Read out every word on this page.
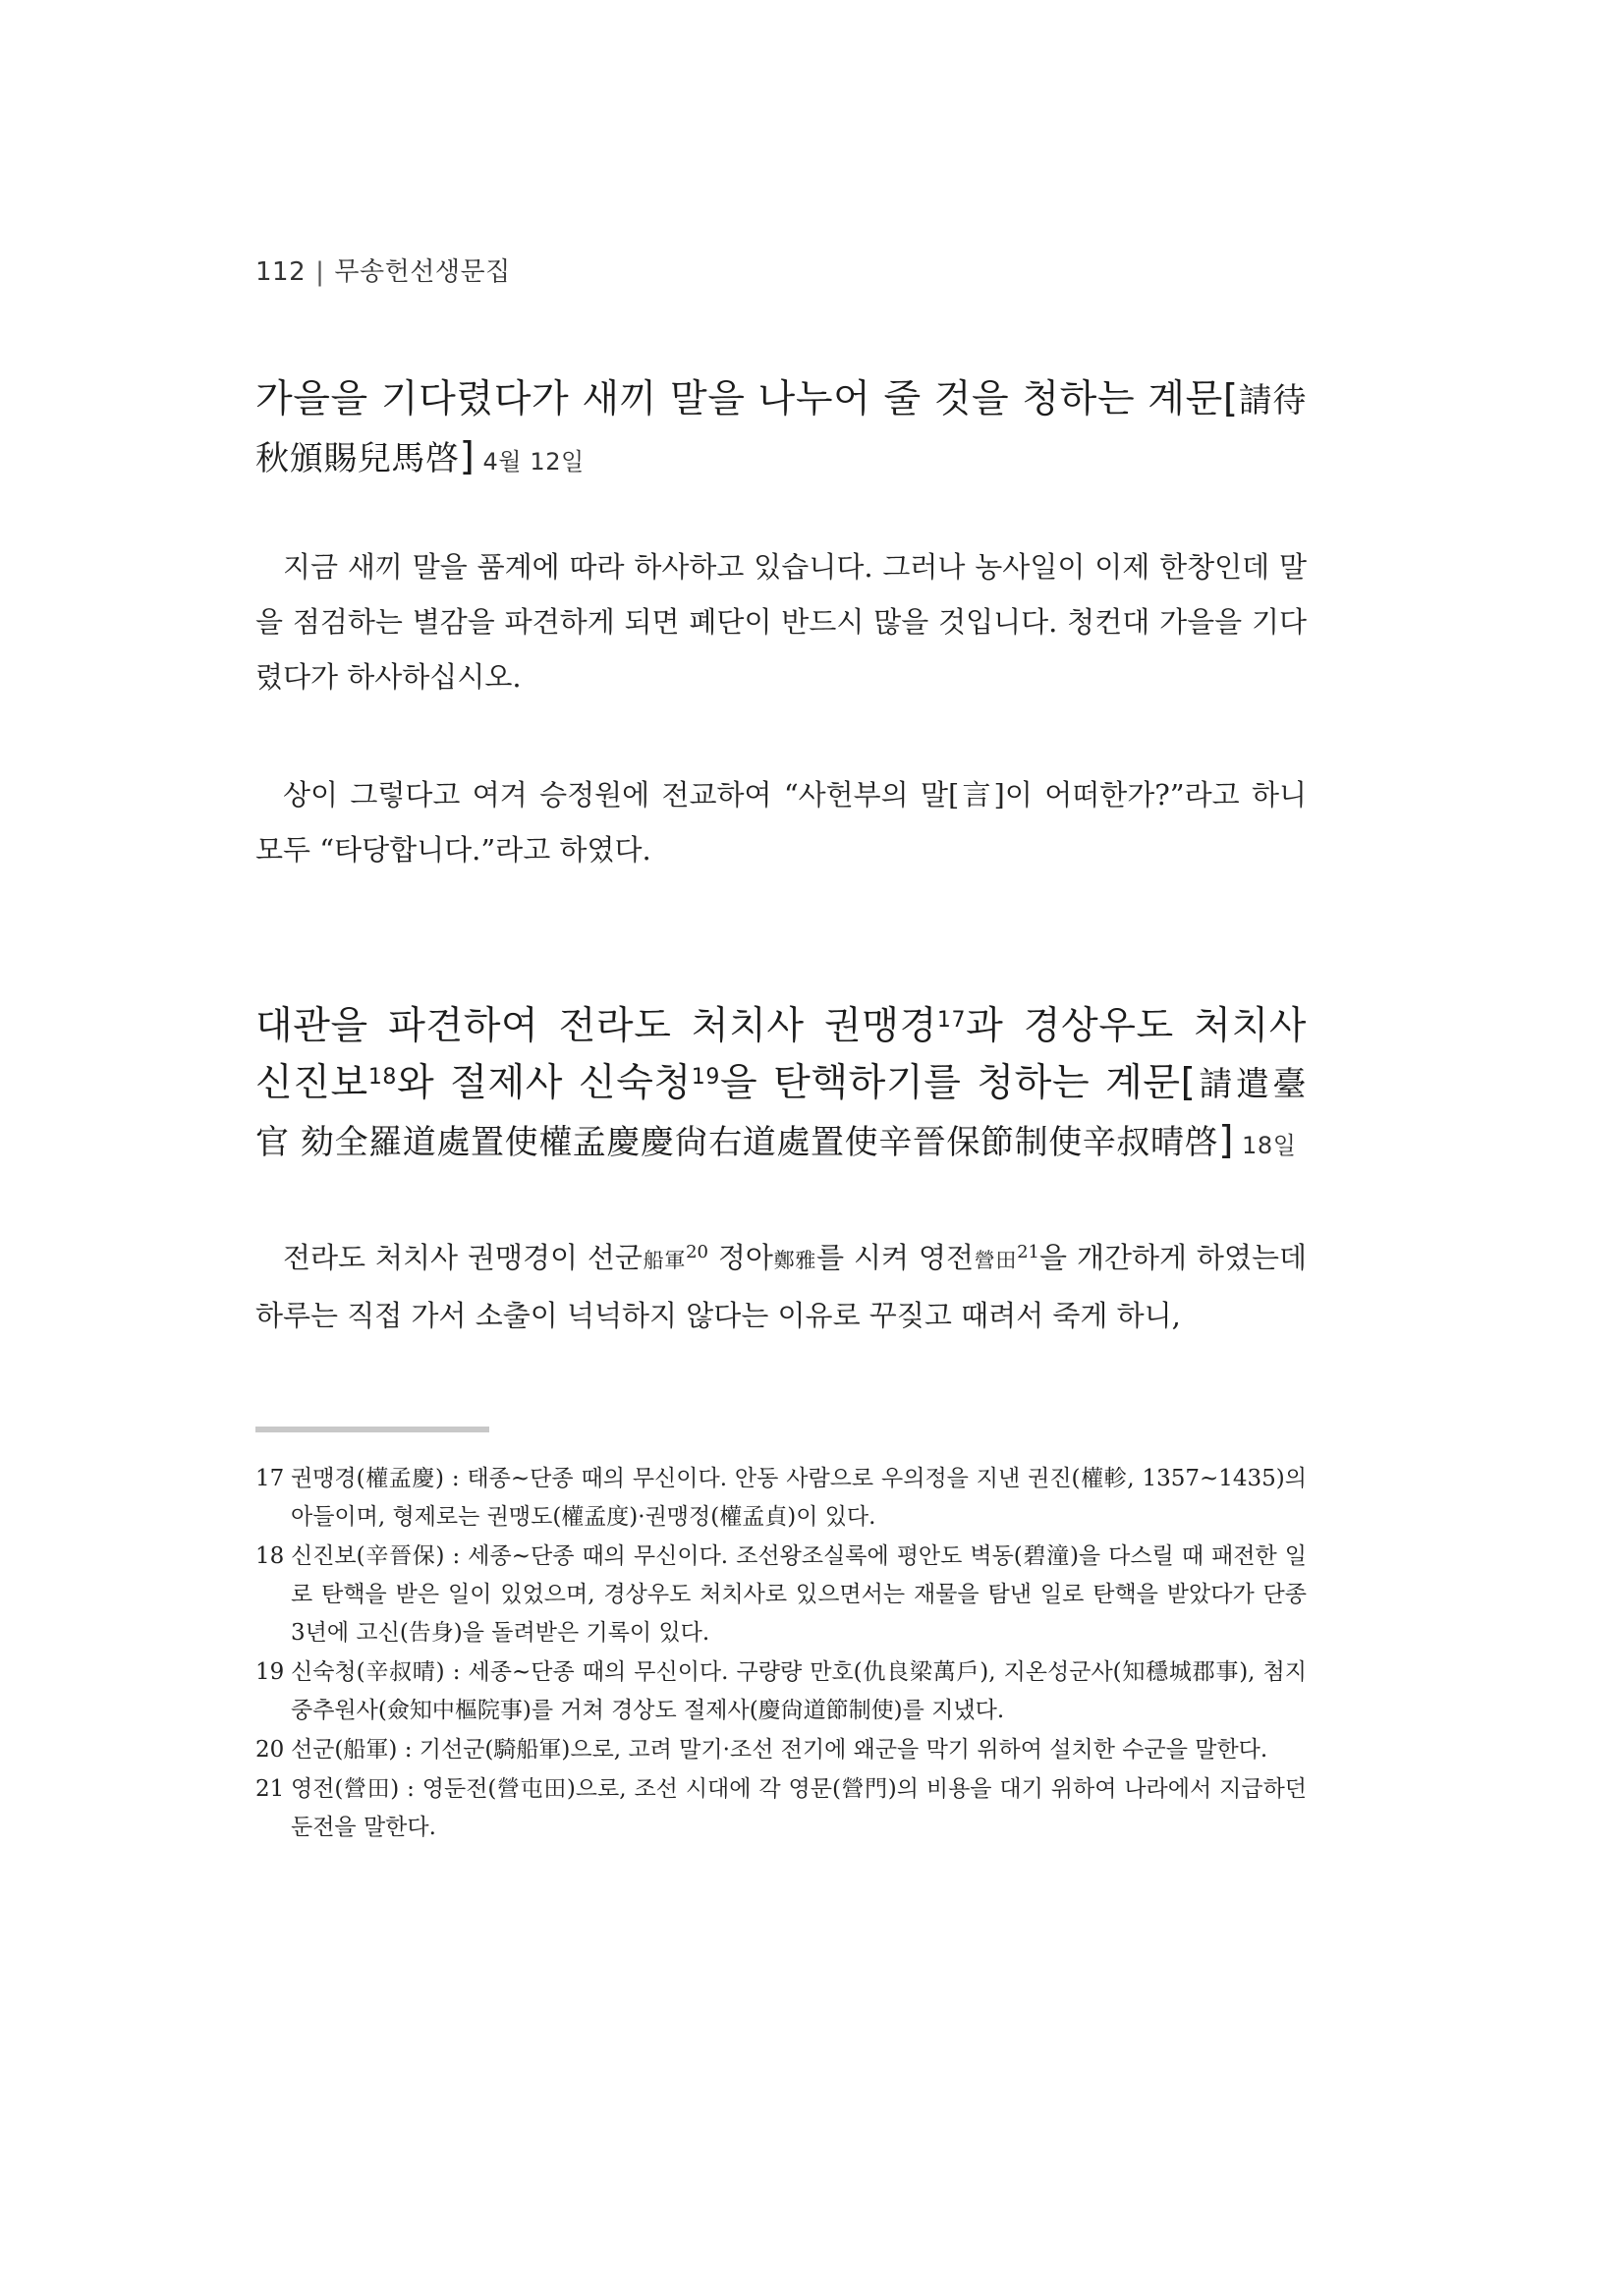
112 | 무송헌선생문집
가을을 기다렸다가 새끼 말을 나누어 줄 것을 청하는 계문[請待秋頒賜兒馬啓] 4월 12일
지금 새끼 말을 품계에 따라 하사하고 있습니다. 그러나 농사일이 이제 한창인데 말을 점검하는 별감을 파견하게 되면 폐단이 반드시 많을 것입니다. 청컨대 가을을 기다렸다가 하사하십시오.
상이 그렇다고 여겨 승정원에 전교하여 “사헌부의 말[言]이 어떠한가?”라고 하니 모두 “타당합니다.”라고 하였다.
대관을 파견하여 전라도 처치사 권맹경$^{17}$과 경상우도 처치사 신진보$^{18}$와 절제사 신숙청$^{19}$을 탄핵하기를 청하는 계문[請遣臺官 劾全羅道處置使權孟慶慶尙右道處置使辛晉保節制使辛叔晴啓] 18일
전라도 처치사 권맹경이 선군船軍$^{20}$ 정아鄭雅를 시켜 영전營田$^{21}$을 개간하게 하였는데 하루는 직접 가서 소출이 넉넉하지 않다는 이유로 꾸짖고 때려서 죽게 하니,
17 권맹경(權孟慶) : 태종~단종 때의 무신이다. 안동 사람으로 우의정을 지낸 권진(權軫, 1357~1435)의 아들이며, 형제로는 권맹도(權孟度)·권맹정(權孟貞)이 있다.
18 신진보(辛晉保) : 세종~단종 때의 무신이다. 조선왕조실록에 평안도 벽동(碧潼)을 다스릴 때 패전한 일로 탄핵을 받은 일이 있었으며, 경상우도 처치사로 있으면서는 재물을 탐낸 일로 탄핵을 받았다가 단종 3년에 고신(告身)을 돌려받은 기록이 있다.
19 신숙청(辛叔晴) : 세종~단종 때의 무신이다. 구량량 만호(仇良梁萬戶), 지온성군사(知穩城郡事), 첨지중추원사(僉知中樞院事)를 거쳐 경상도 절제사(慶尙道節制使)를 지냈다.
20 선군(船軍) : 기선군(騎船軍)으로, 고려 말기·조선 전기에 왜군을 막기 위하여 설치한 수군을 말한다.
21 영전(營田) : 영둔전(營屯田)으로, 조선 시대에 각 영문(營門)의 비용을 대기 위하여 나라에서 지급하던 둔전을 말한다.
